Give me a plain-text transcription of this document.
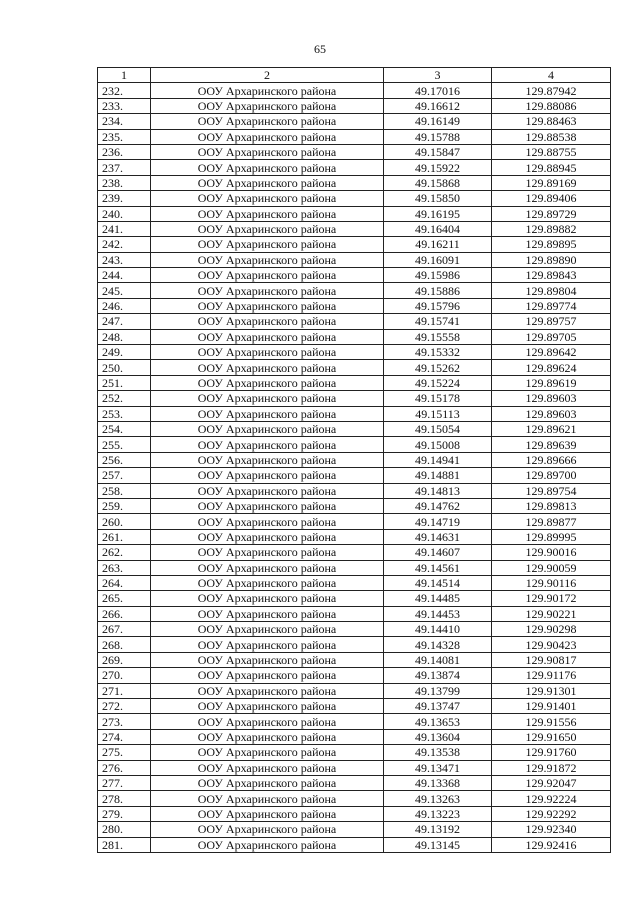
65
1	2	3	4
232.	ООУ Архаринского района	49.17016	129.87942
233.	ООУ Архаринского района	49.16612	129.88086
234.	ООУ Архаринского района	49.16149	129.88463
235.	ООУ Архаринского района	49.15788	129.88538
236.	ООУ Архаринского района	49.15847	129.88755
237.	ООУ Архаринского района	49.15922	129.88945
238.	ООУ Архаринского района	49.15868	129.89169
239.	ООУ Архаринского района	49.15850	129.89406
240.	ООУ Архаринского района	49.16195	129.89729
241.	ООУ Архаринского района	49.16404	129.89882
242.	ООУ Архаринского района	49.16211	129.89895
243.	ООУ Архаринского района	49.16091	129.89890
244.	ООУ Архаринского района	49.15986	129.89843
245.	ООУ Архаринского района	49.15886	129.89804
246.	ООУ Архаринского района	49.15796	129.89774
247.	ООУ Архаринского района	49.15741	129.89757
248.	ООУ Архаринского района	49.15558	129.89705
249.	ООУ Архаринского района	49.15332	129.89642
250.	ООУ Архаринского района	49.15262	129.89624
251.	ООУ Архаринского района	49.15224	129.89619
252.	ООУ Архаринского района	49.15178	129.89603
253.	ООУ Архаринского района	49.15113	129.89603
254.	ООУ Архаринского района	49.15054	129.89621
255.	ООУ Архаринского района	49.15008	129.89639
256.	ООУ Архаринского района	49.14941	129.89666
257.	ООУ Архаринского района	49.14881	129.89700
258.	ООУ Архаринского района	49.14813	129.89754
259.	ООУ Архаринского района	49.14762	129.89813
260.	ООУ Архаринского района	49.14719	129.89877
261.	ООУ Архаринского района	49.14631	129.89995
262.	ООУ Архаринского района	49.14607	129.90016
263.	ООУ Архаринского района	49.14561	129.90059
264.	ООУ Архаринского района	49.14514	129.90116
265.	ООУ Архаринского района	49.14485	129.90172
266.	ООУ Архаринского района	49.14453	129.90221
267.	ООУ Архаринского района	49.14410	129.90298
268.	ООУ Архаринского района	49.14328	129.90423
269.	ООУ Архаринского района	49.14081	129.90817
270.	ООУ Архаринского района	49.13874	129.91176
271.	ООУ Архаринского района	49.13799	129.91301
272.	ООУ Архаринского района	49.13747	129.91401
273.	ООУ Архаринского района	49.13653	129.91556
274.	ООУ Архаринского района	49.13604	129.91650
275.	ООУ Архаринского района	49.13538	129.91760
276.	ООУ Архаринского района	49.13471	129.91872
277.	ООУ Архаринского района	49.13368	129.92047
278.	ООУ Архаринского района	49.13263	129.92224
279.	ООУ Архаринского района	49.13223	129.92292
280.	ООУ Архаринского района	49.13192	129.92340
281.	ООУ Архаринского района	49.13145	129.92416
